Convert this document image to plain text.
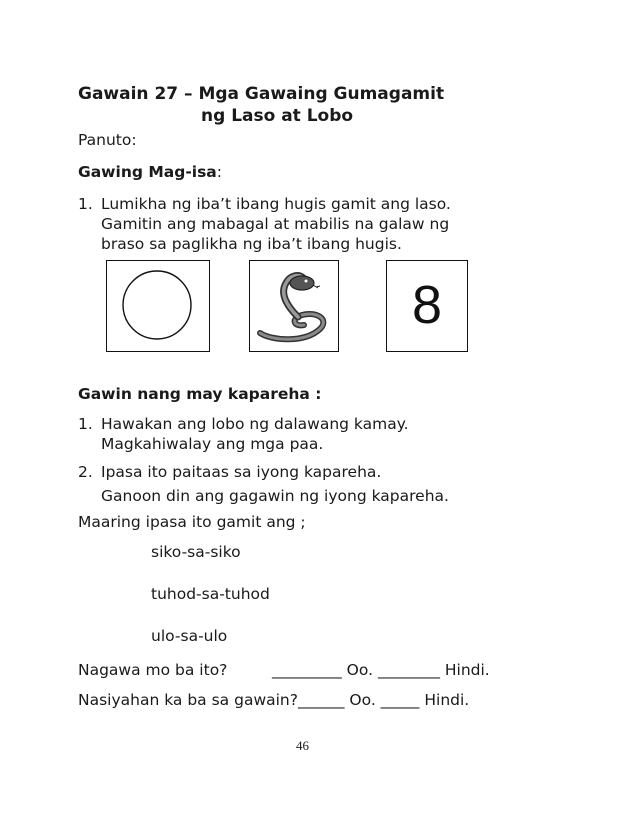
Gawain 27 – Mga Gawaing Gumagamit
ng Laso at Lobo
Panuto:
Gawing Mag-isa:
1. Lumikha ng iba’t ibang hugis gamit ang laso.
Gamitin ang mabagal at mabilis na galaw ng
braso sa paglikha ng iba’t ibang hugis.
8
Gawin nang may kapareha :
1. Hawakan ang lobo ng dalawang kamay.
Magkahiwalay ang mga paa.
2. Ipasa ito paitaas sa iyong kapareha.
Ganoon din ang gagawin ng iyong kapareha.
Maaring ipasa ito gamit ang ;
siko-sa-siko
tuhod-sa-tuhod
ulo-sa-ulo
Nagawa mo ba ito?	_________ Oo. ________ Hindi.
Nasiyahan ka ba sa gawain?______ Oo. _____ Hindi.
46
